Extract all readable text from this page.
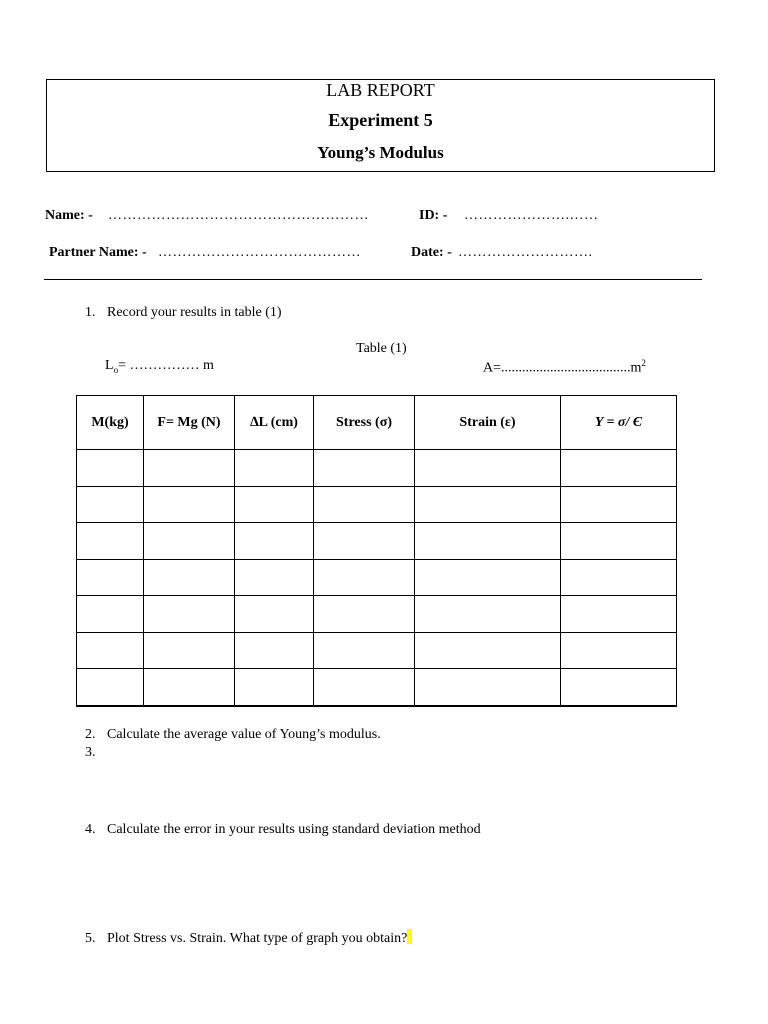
LAB REPORT
Experiment 5
Young’s Modulus
Name: - ………………………………………………	ID: - ………………….……
Partner Name: - ……………………………………	Date: - ……………………….
1. Record your results in table (1)
Table (1)
$L_o=$ …………… m	$A=.....................................m^2$
M(kg)	F= Mg (N)	∆L (cm)	Stress (σ)	Strain (ε)	Y = σ/ Є

2. Calculate the average value of Young’s modulus.
3.
4. Calculate the error in your results using standard deviation method
5. Plot Stress vs. Strain. What type of graph you obtain?
